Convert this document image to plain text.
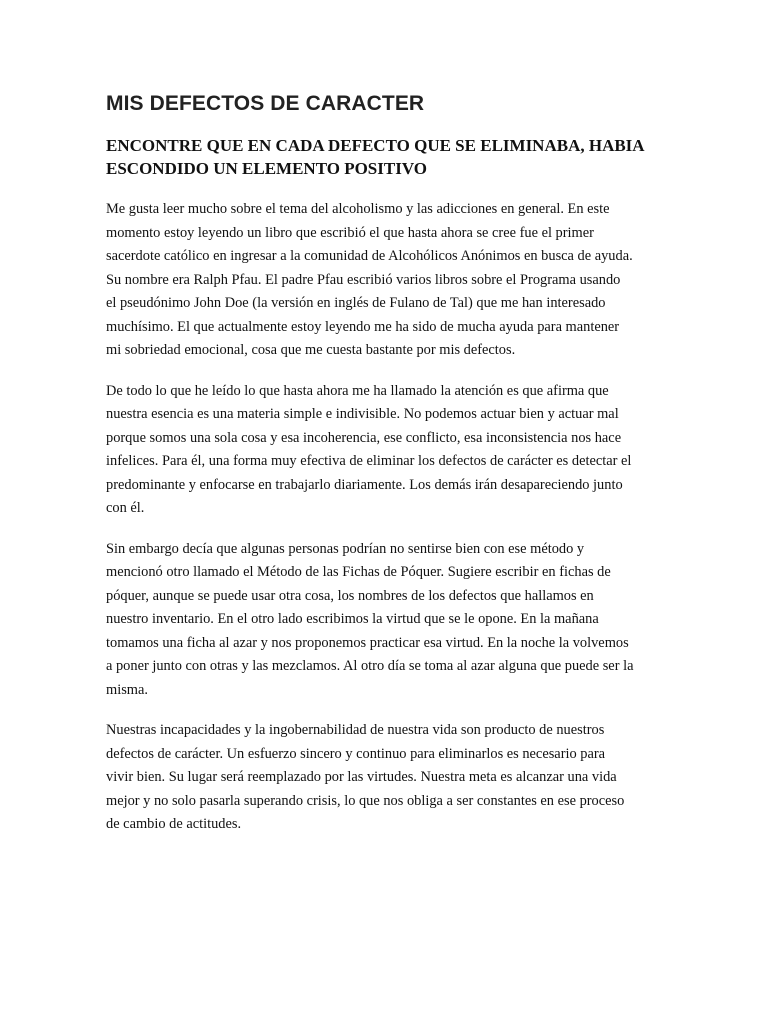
MIS DEFECTOS DE CARACTER
ENCONTRE QUE EN CADA DEFECTO QUE SE ELIMINABA, HABIA
ESCONDIDO UN ELEMENTO POSITIVO

Me gusta leer mucho sobre el tema del alcoholismo y las adicciones en general. En este
momento estoy leyendo un libro que escribió el que hasta ahora se cree fue el primer
sacerdote católico en ingresar a la comunidad de Alcohólicos Anónimos en busca de ayuda.
Su nombre era Ralph Pfau. El padre Pfau escribió varios libros sobre el Programa usando
el pseudónimo John Doe (la versión en inglés de Fulano de Tal) que me han interesado
muchísimo. El que actualmente estoy leyendo me ha sido de mucha ayuda para mantener
mi sobriedad emocional, cosa que me cuesta bastante por mis defectos.

De todo lo que he leído lo que hasta ahora me ha llamado la atención es que afirma que
nuestra esencia es una materia simple e indivisible. No podemos actuar bien y actuar mal
porque somos una sola cosa y esa incoherencia, ese conflicto, esa inconsistencia nos hace
infelices. Para él, una forma muy efectiva de eliminar los defectos de carácter es detectar el
predominante y enfocarse en trabajarlo diariamente. Los demás irán desapareciendo junto
con él.

Sin embargo decía que algunas personas podrían no sentirse bien con ese método y
mencionó otro llamado el Método de las Fichas de Póquer. Sugiere escribir en fichas de
póquer, aunque se puede usar otra cosa, los nombres de los defectos que hallamos en
nuestro inventario. En el otro lado escribimos la virtud que se le opone. En la mañana
tomamos una ficha al azar y nos proponemos practicar esa virtud. En la noche la volvemos
a poner junto con otras y las mezclamos. Al otro día se toma al azar alguna que puede ser la
misma.

Nuestras incapacidades y la ingobernabilidad de nuestra vida son producto de nuestros
defectos de carácter. Un esfuerzo sincero y continuo para eliminarlos es necesario para
vivir bien. Su lugar será reemplazado por las virtudes. Nuestra meta es alcanzar una vida
mejor y no solo pasarla superando crisis, lo que nos obliga a ser constantes en ese proceso
de cambio de actitudes.
